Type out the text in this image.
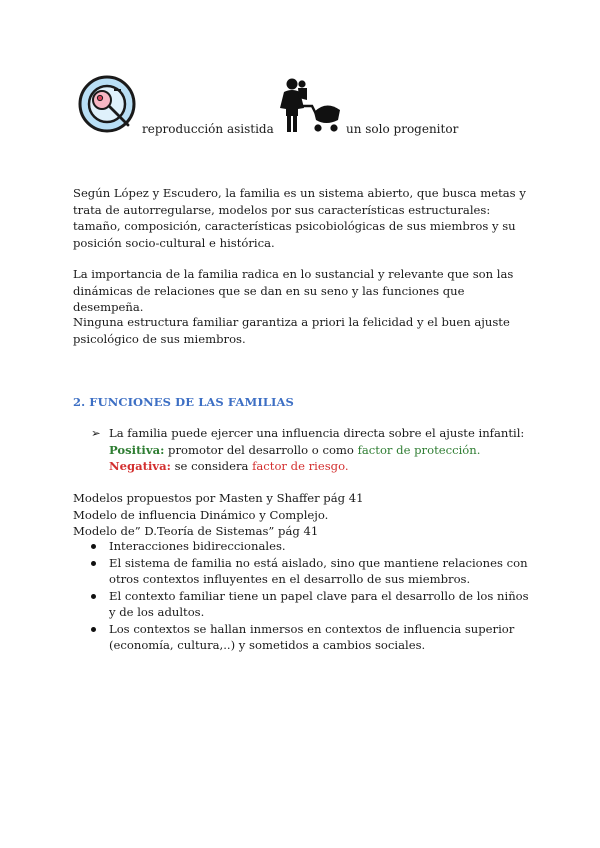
reproducción asistida	un solo progenitor
Según López y Escudero, la familia es un sistema abierto, que busca metas y trata de autorregularse, modelos por sus características estructurales: tamaño, composición, características psicobiológicas de sus miembros y su posición socio-cultural e histórica.
La importancia de la familia radica en lo sustancial y relevante que son las dinámicas de relaciones que se dan en su seno y las funciones que desempeña.
Ninguna estructura familiar garantiza a priori la felicidad y el buen ajuste psicológico de sus miembros.
2. FUNCIONES DE LAS FAMILIAS
➢ La familia puede ejercer una influencia directa sobre el ajuste infantil:
Positiva: promotor del desarrollo o como factor de protección.
Negativa: se considera factor de riesgo.
Modelos propuestos por Masten y Shaffer pág 41
Modelo de influencia Dinámico y Complejo.
Modelo de” D.Teoría de Sistemas” pág 41
Interacciones bidireccionales.
El sistema de familia no está aislado, sino que mantiene relaciones con otros contextos influyentes en el desarrollo de sus miembros.
El contexto familiar tiene un papel clave para el desarrollo de los niños y de los adultos.
Los contextos se hallan inmersos en contextos de influencia superior (economía, cultura,..) y sometidos a cambios sociales.
